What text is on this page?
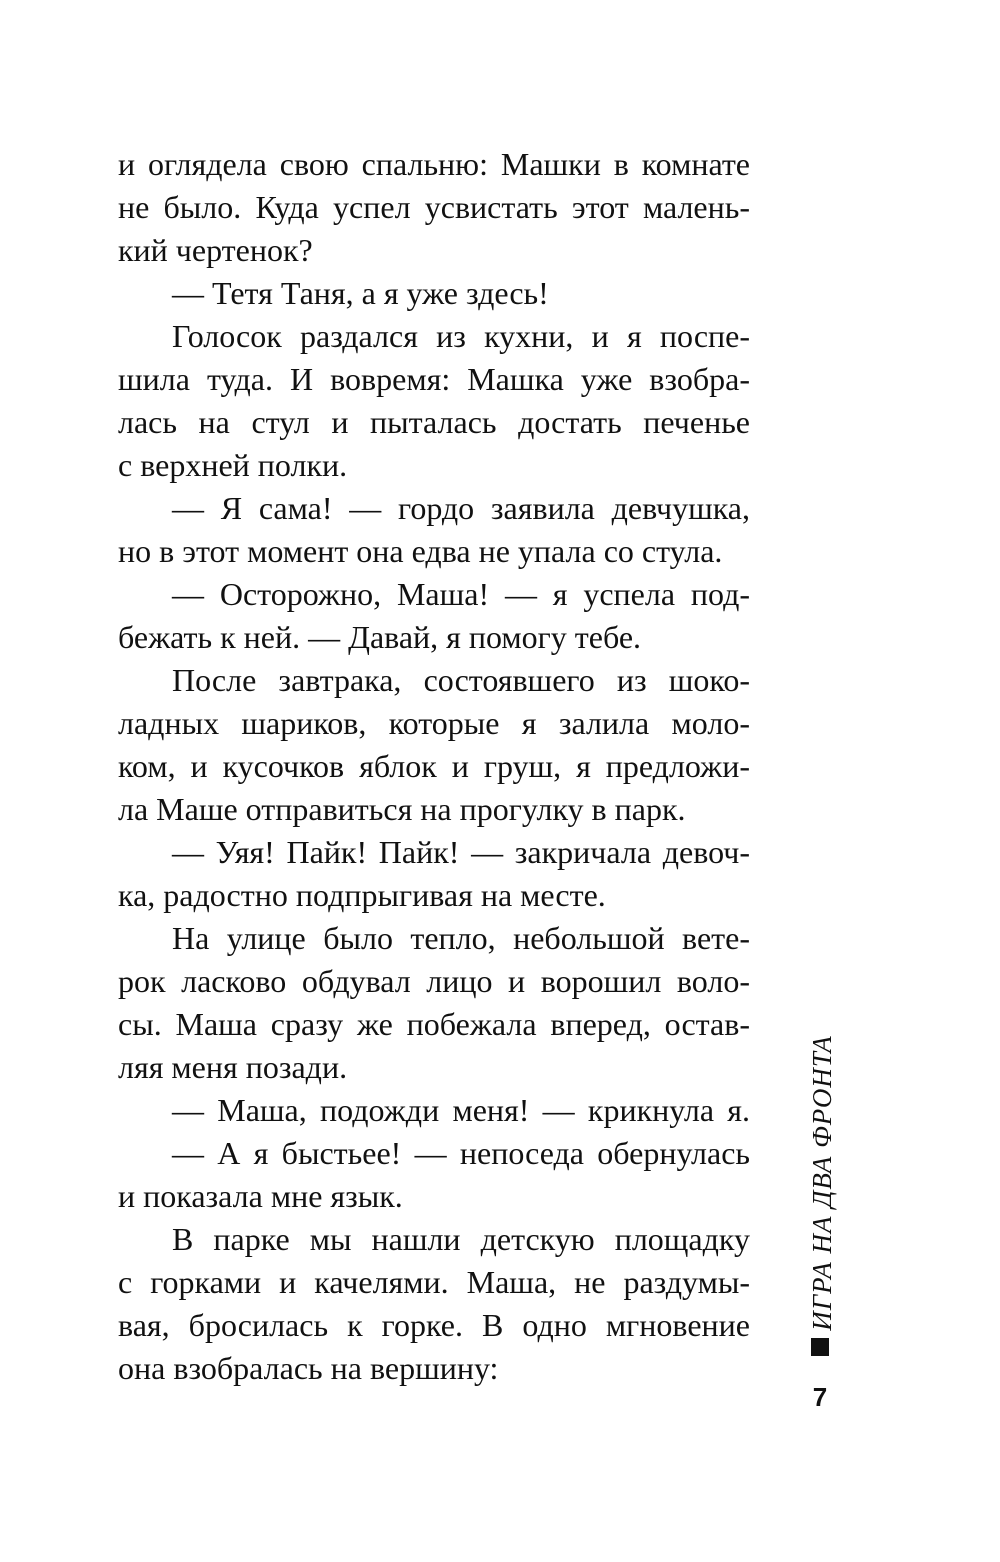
и оглядела свою спальню: Машки в комнате
не было. Куда успел усвистать этот малень-
кий чертенок?
— Тетя Таня, а я уже здесь!
Голосок раздался из кухни, и я поспе-
шила туда. И вовремя: Машка уже взобра-
лась на стул и пыталась достать печенье
с верхней полки.
— Я сама! — гордо заявила девчушка,
но в этот момент она едва не упала со стула.
— Осторожно, Маша! — я успела под-
бежать к ней. — Давай, я помогу тебе.
После завтрака, состоявшего из шоко-
ладных шариков, которые я залила моло-
ком, и кусочков яблок и груш, я предложи-
ла Маше отправиться на прогулку в парк.
— Уяя! Пайк! Пайк! — закричала девоч-
ка, радостно подпрыгивая на месте.
На улице было тепло, небольшой вете-
рок ласково обдувал лицо и ворошил воло-
сы. Маша сразу же побежала вперед, остав-
ляя меня позади.
— Маша, подожди меня! — крикнула я.
— А я быстьее! — непоседа обернулась
и показала мне язык.
В парке мы нашли детскую площадку
с горками и качелями. Маша, не раздумы-
вая, бросилась к горке. В одно мгновение
она взобралась на вершину:
ИГРА НА ДВА ФРОНТА
7
